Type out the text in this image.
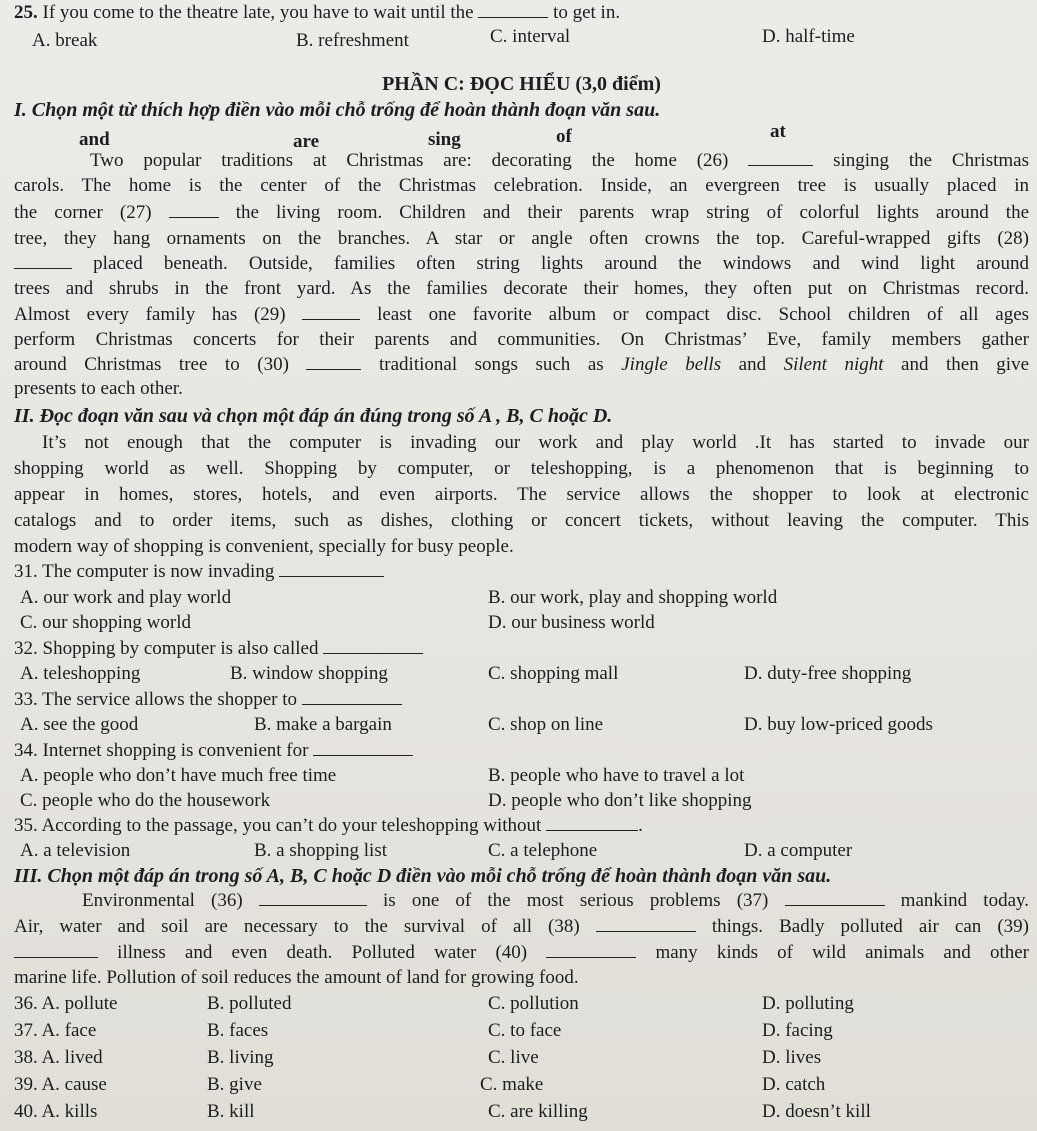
25. If you come to the theatre late, you have to wait until the	to get in.
A. break	B. refreshment	C. interval	D. half-time
PHẦN C: ĐỌC HIỂU (3,0 điểm)
I. Chọn một từ thích hợp điền vào mỗi chỗ trống để hoàn thành đoạn văn sau.
and	are	sing	of	at
Two popular traditions at Christmas are: decorating the home (26)	singing the Christmas
carols. The home is the center of the Christmas celebration. Inside, an evergreen tree is usually placed in
the corner (27)	the living room. Children and their parents wrap string of colorful lights around the
tree, they hang ornaments on the branches. A star or angle often crowns the top. Careful-wrapped gifts (28)
placed beneath. Outside, families often string lights around the windows and wind light around
trees and shrubs in the front yard. As the families decorate their homes, they often put on Christmas record.
Almost every family has (29)	least one favorite album or compact disc. School children of all ages
perform Christmas concerts for their parents and communities. On Christmas’ Eve, family members gather
around Christmas tree to (30)	traditional songs such as Jingle bells and Silent night and then give
presents to each other.
II. Đọc đoạn văn sau và chọn một đáp án đúng trong số A , B, C hoặc D.
It’s not enough that the computer is invading our work and play world .It has started to invade our
shopping world as well. Shopping by computer, or teleshopping, is a phenomenon that is beginning to
appear in homes, stores, hotels, and even airports. The service allows the shopper to look at electronic
catalogs and to order items, such as dishes, clothing or concert tickets, without leaving the computer. This
modern way of shopping is convenient, specially for busy people.
31. The computer is now invading
A. our work and play world	B. our work, play and shopping world
C. our shopping world	D. our business world
32. Shopping by computer is also called
A. teleshopping	B. window shopping	C. shopping mall	D. duty-free shopping
33. The service allows the shopper to
A. see the good	B. make a bargain	C. shop on line	D. buy low-priced goods
34. Internet shopping is convenient for
A. people who don’t have much free time	B. people who have to travel a lot
C. people who do the housework	D. people who don’t like shopping
35. According to the passage, you can’t do your teleshopping without	.
A. a television	B. a shopping list	C. a telephone	D. a computer
III. Chọn một đáp án trong số A, B, C hoặc D điền vào mỗi chỗ trống để hoàn thành đoạn văn sau.
Environmental (36)	is one of the most serious problems (37)	mankind today.
Air, water and soil are necessary to the survival of all (38)	things. Badly polluted air can (39)
illness and even death. Polluted water (40)	many kinds of wild animals and other
marine life. Pollution of soil reduces the amount of land for growing food.
36. A. pollute	B. polluted	C. pollution	D. polluting
37. A. face	B. faces	C. to face	D. facing
38. A. lived	B. living	C. live	D. lives
39. A. cause	B. give	C. make	D. catch
40. A. kills	B. kill	C. are killing	D. doesn’t kill
